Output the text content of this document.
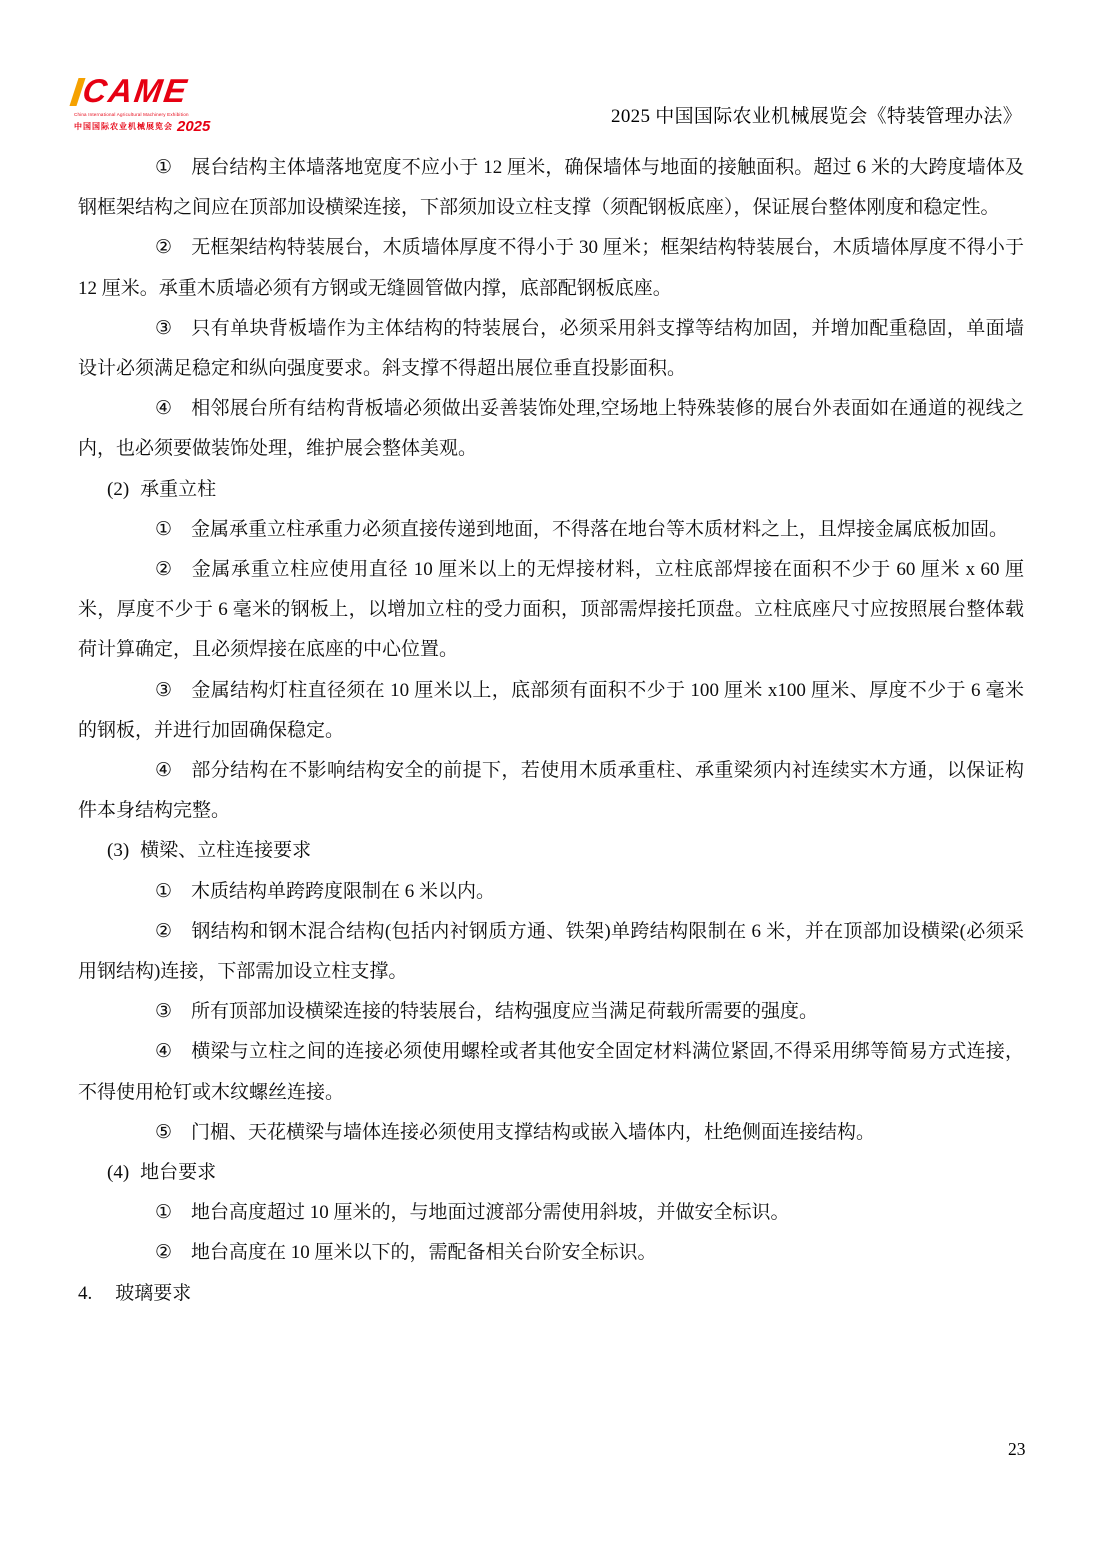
CAME
China International Agricultural Machinery Exhibition
中国国际农业机械展览会 2025	2025 中国国际农业机械展览会《特装管理办法》

① 展台结构主体墙落地宽度不应小于 12 厘米，确保墙体与地面的接触面积。超过 6 米的大跨度墙体及钢框架结构之间应在顶部加设横梁连接，下部须加设立柱支撑（须配钢板底座），保证展台整体刚度和稳定性。

② 无框架结构特装展台，木质墙体厚度不得小于 30 厘米；框架结构特装展台，木质墙体厚度不得小于 12 厘米。承重木质墙必须有方钢或无缝圆管做内撑，底部配钢板底座。

③ 只有单块背板墙作为主体结构的特装展台，必须采用斜支撑等结构加固，并增加配重稳固，单面墙设计必须满足稳定和纵向强度要求。斜支撑不得超出展位垂直投影面积。

④ 相邻展台所有结构背板墙必须做出妥善装饰处理,空场地上特殊装修的展台外表面如在通道的视线之内，也必须要做装饰处理，维护展会整体美观。

(2) 承重立柱

① 金属承重立柱承重力必须直接传递到地面，不得落在地台等木质材料之上，且焊接金属底板加固。

② 金属承重立柱应使用直径 10 厘米以上的无焊接材料，立柱底部焊接在面积不少于 60 厘米 x 60 厘米，厚度不少于 6 毫米的钢板上，以增加立柱的受力面积，顶部需焊接托顶盘。立柱底座尺寸应按照展台整体载荷计算确定，且必须焊接在底座的中心位置。

③ 金属结构灯柱直径须在 10 厘米以上，底部须有面积不少于 100 厘米 x100 厘米、厚度不少于 6 毫米的钢板，并进行加固确保稳定。

④ 部分结构在不影响结构安全的前提下，若使用木质承重柱、承重梁须内衬连续实木方通，以保证构件本身结构完整。

(3) 横梁、立柱连接要求

① 木质结构单跨跨度限制在 6 米以内。

② 钢结构和钢木混合结构(包括内衬钢质方通、铁架)单跨结构限制在 6 米，并在顶部加设横梁(必须采用钢结构)连接，下部需加设立柱支撑。

③ 所有顶部加设横梁连接的特装展台，结构强度应当满足荷载所需要的强度。

④ 横梁与立柱之间的连接必须使用螺栓或者其他安全固定材料满位紧固,不得采用绑等简易方式连接，不得使用枪钉或木纹螺丝连接。

⑤ 门楣、天花横梁与墙体连接必须使用支撑结构或嵌入墙体内，杜绝侧面连接结构。

(4) 地台要求

① 地台高度超过 10 厘米的，与地面过渡部分需使用斜坡，并做安全标识。

② 地台高度在 10 厘米以下的，需配备相关台阶安全标识。

4. 玻璃要求

23
